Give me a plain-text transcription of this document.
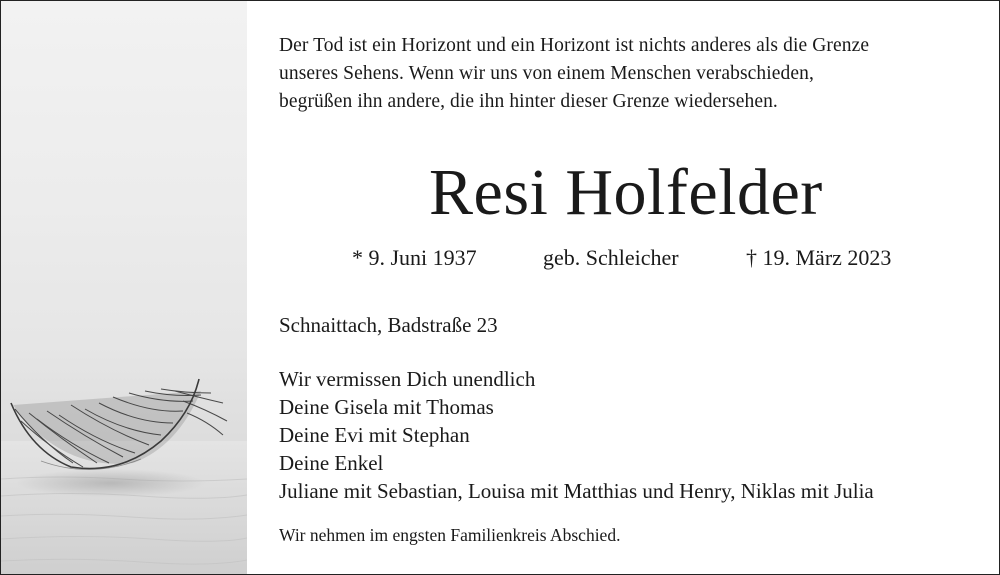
Der Tod ist ein Horizont und ein Horizont ist nichts anderes als die Grenze
unseres Sehens. Wenn wir uns von einem Menschen verabschieden,
begrüßen ihn andere, die ihn hinter dieser Grenze wiedersehen.
Resi Holfelder
* 9. Juni 1937	geb. Schleicher	† 19. März 2023
Schnaittach, Badstraße 23
Wir vermissen Dich unendlich
Deine Gisela mit Thomas
Deine Evi mit Stephan
Deine Enkel
Juliane mit Sebastian, Louisa mit Matthias und Henry, Niklas mit Julia
Wir nehmen im engsten Familienkreis Abschied.
